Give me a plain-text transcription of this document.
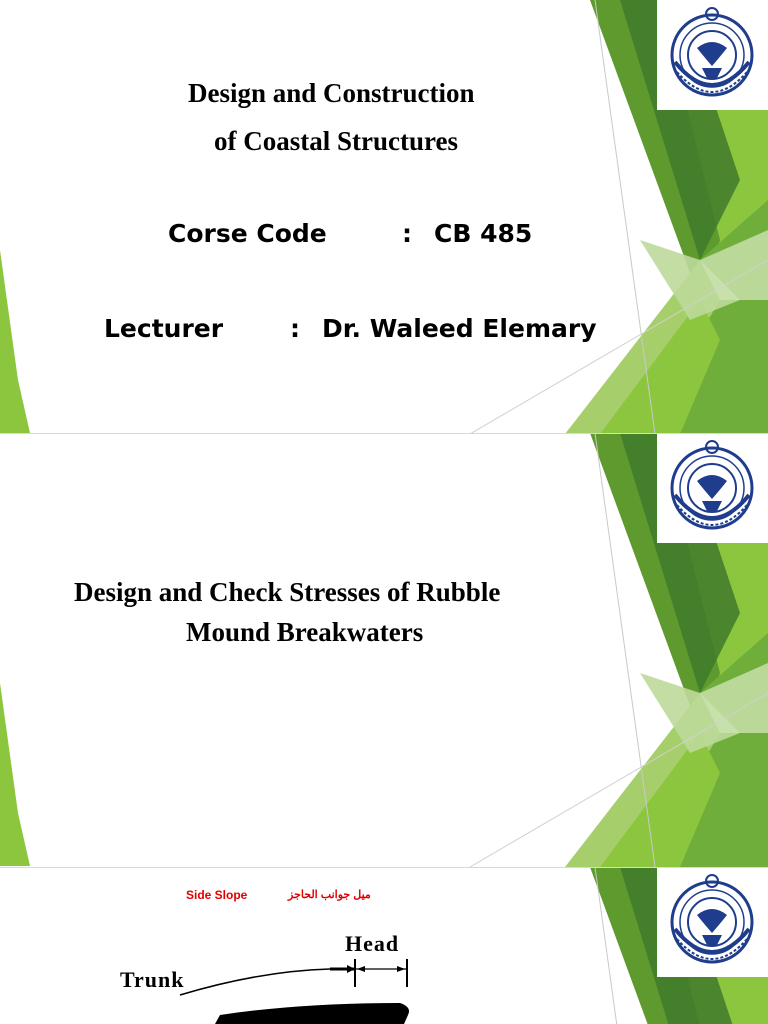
Design and Construction

of Coastal Structures

Corse Code	: CB 485

Lecturer	: Dr. Waleed Elemary

Design and Check Stresses of Rubble

Mound Breakwaters

Side Slope	ميل جوانب الحاجز
Head
Trunk
